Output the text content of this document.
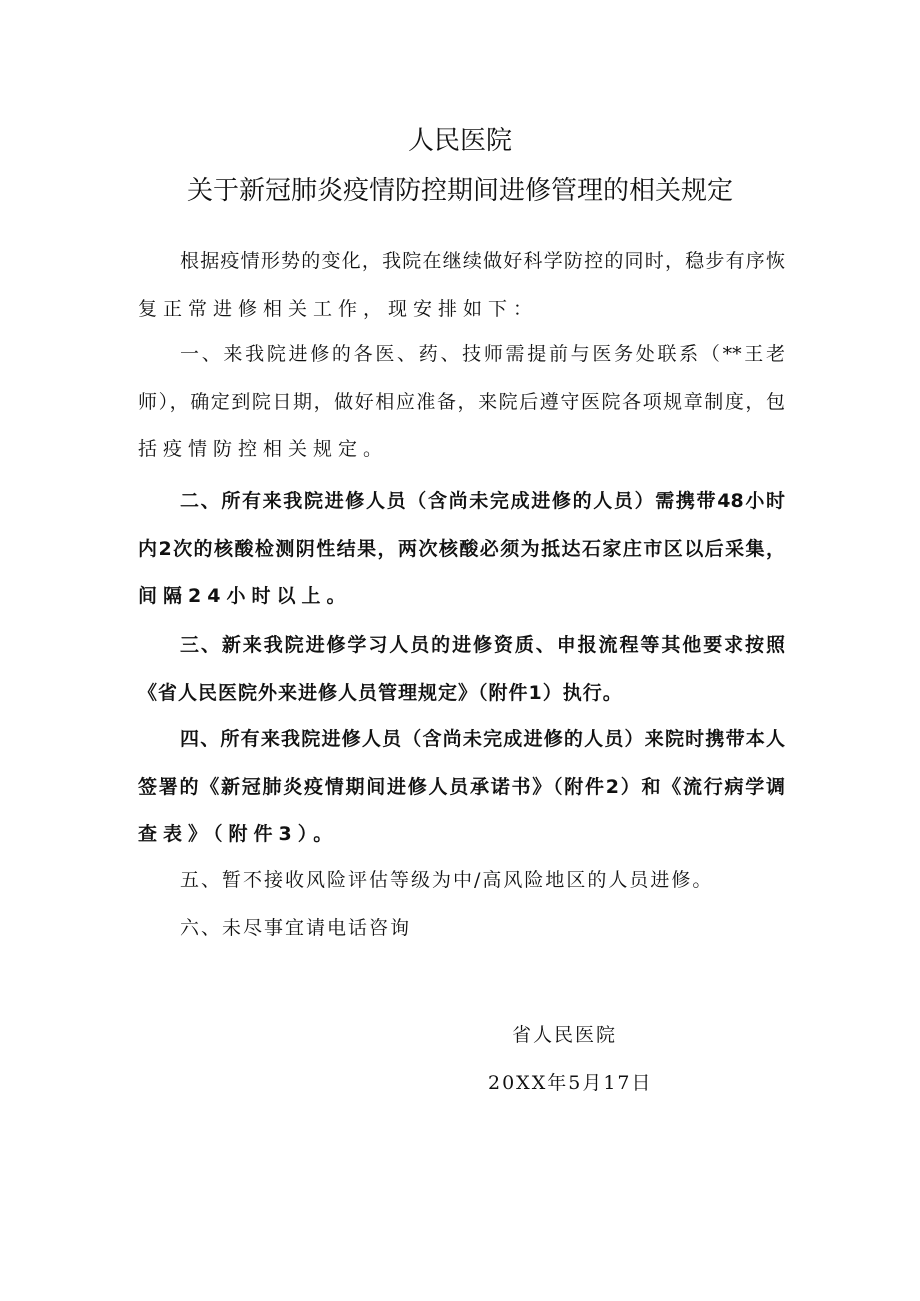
人民医院
关于新冠肺炎疫情防控期间进修管理的相关规定
根据疫情形势的变化，我院在继续做好科学防控的同时，稳步有序恢
复正常进修相关工作，现安排如下：
一、来我院进修的各医、药、技师需提前与医务处联系（**王老
师），确定到院日期，做好相应准备，来院后遵守医院各项规章制度，包
括疫情防控相关规定。
二、所有来我院进修人员（含尚未完成进修的人员）需携带48小时
内2次的核酸检测阴性结果，两次核酸必须为抵达石家庄市区以后采集，
间隔24小时以上。
三、新来我院进修学习人员的进修资质、申报流程等其他要求按照
《省人民医院外来进修人员管理规定》（附件1）执行。
四、所有来我院进修人员（含尚未完成进修的人员）来院时携带本人
签署的《新冠肺炎疫情期间进修人员承诺书》（附件2）和《流行病学调
查表》（附件3）。
五、暂不接收风险评估等级为中/高风险地区的人员进修。
六、未尽事宜请电话咨询
省人民医院
20XX年5月17日
